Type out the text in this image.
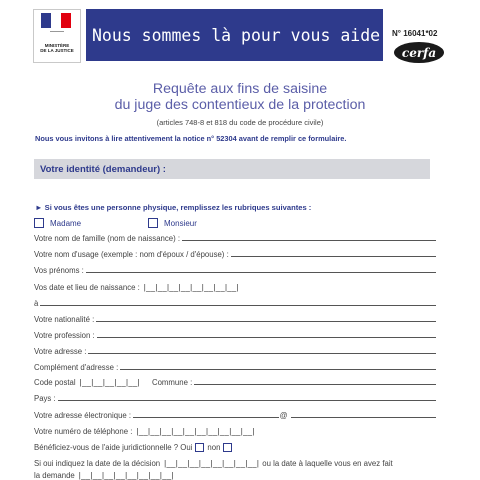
▬▬▬▬▬▬▬
MINISTÈRE
DE LA JUSTICE
Nous sommes là pour vous aider N° 16041*02
cerfa
Requête aux fins de saisine
du juge des contentieux de la protection
(articles 748-8 et 818 du code de procédure civile)
Nous vous invitons à lire attentivement la notice n° 52304 avant de remplir ce formulaire.
Votre identité (demandeur) :
► Si vous êtes une personne physique, remplissez les rubriques suivantes :
Madame	Monsieur
Votre nom de famille (nom de naissance) :
Votre nom d'usage (exemple : nom d'époux / d'épouse) :
Vos prénoms :
Vos date et lieu de naissance : |__|__|__|__|__|__|__|__|
à
Votre nationalité :
Votre profession :
Votre adresse :
Complément d'adresse :
Code postal |__|__|__|__|__| Commune :
Pays :
Votre adresse électronique :	@
Votre numéro de téléphone : |__|__|__|__|__|__|__|__|__|__|
Bénéficiez-vous de l'aide juridictionnelle ? Oui non
Si oui indiquez la date de la décision |__|__|__|__|__|__|__|__| ou la date à laquelle vous en avez fait
la demande |__|__|__|__|__|__|__|__|
